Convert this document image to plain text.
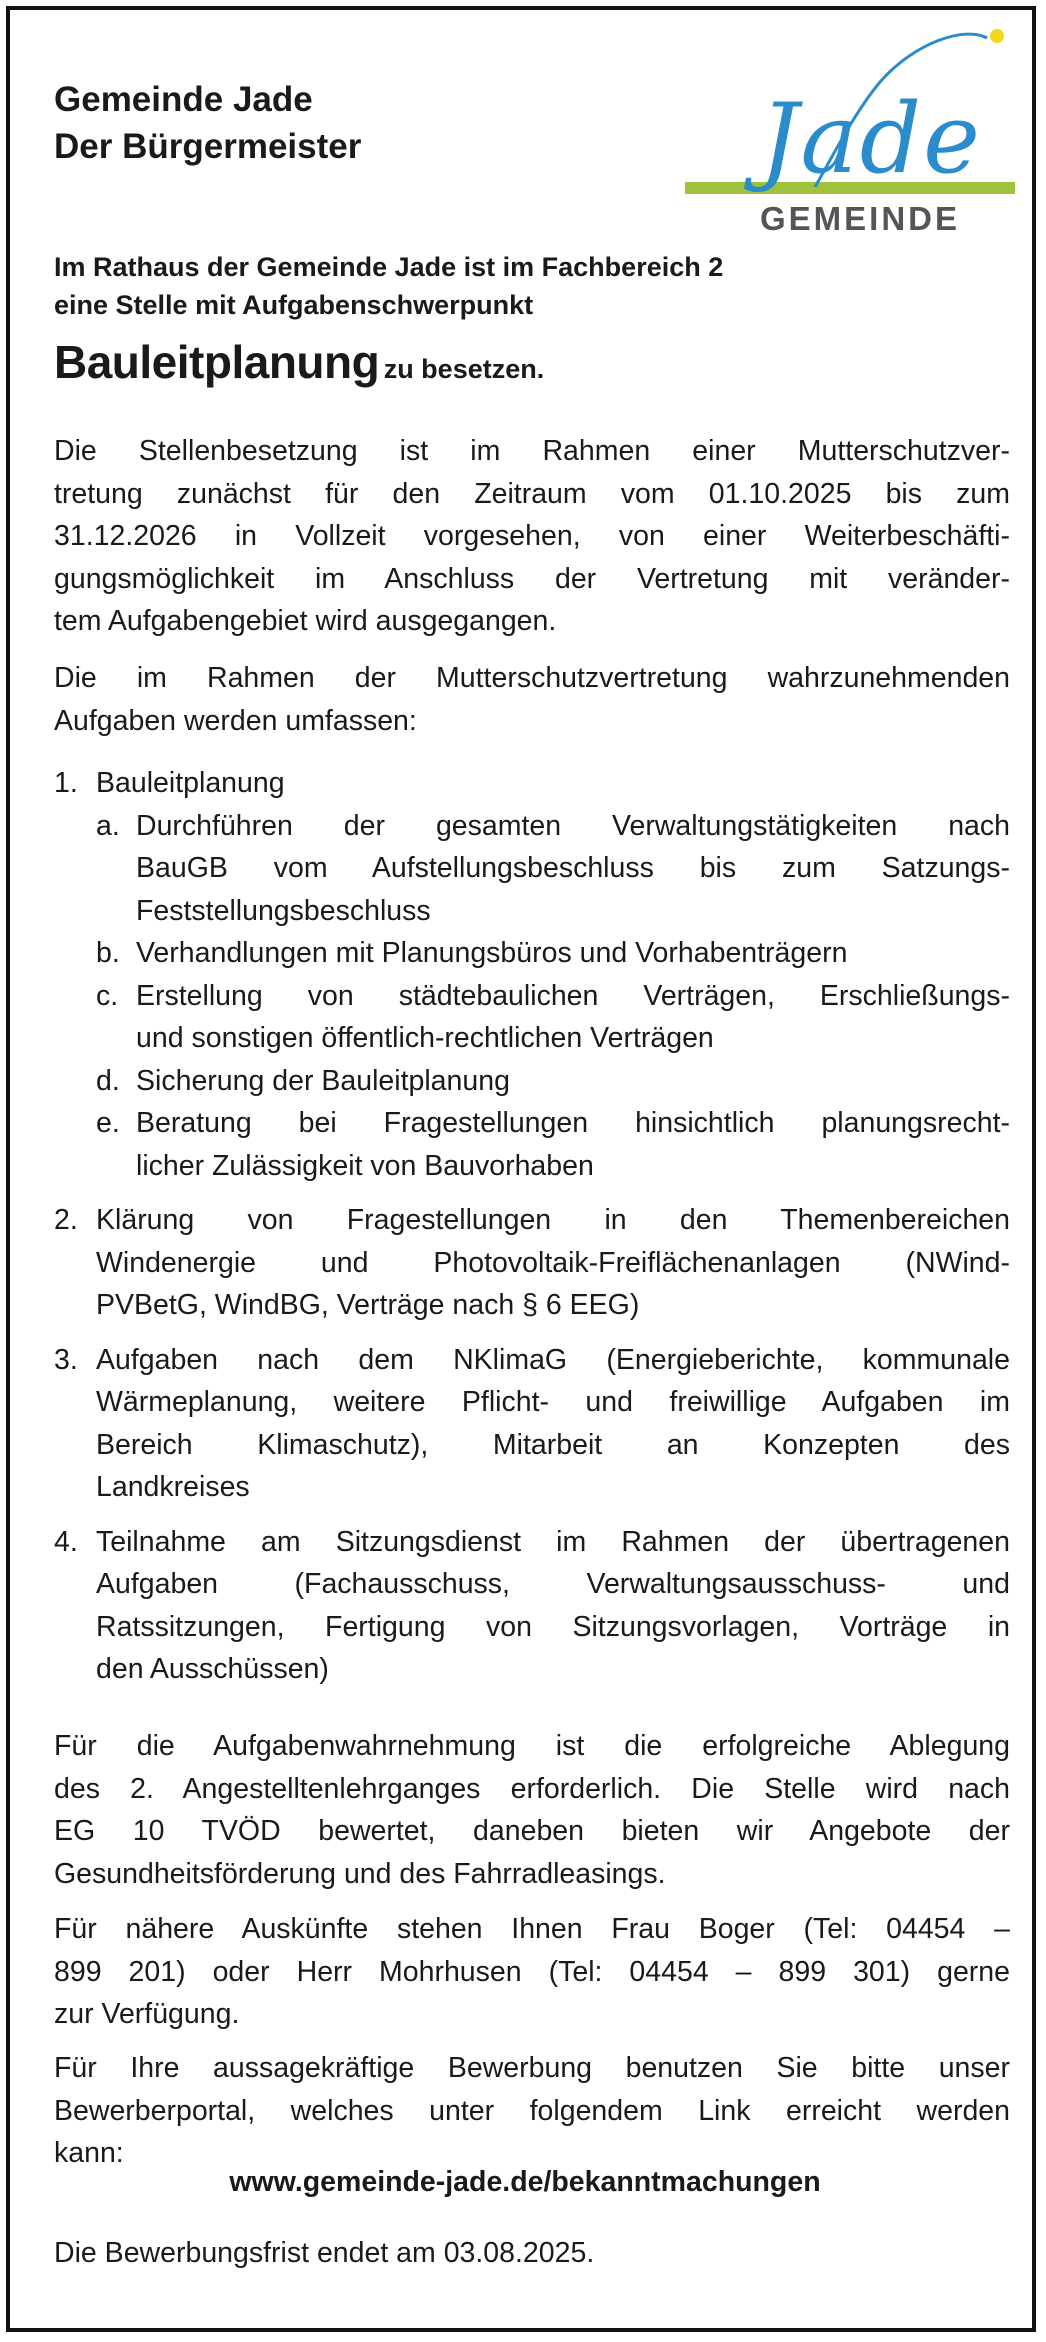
Gemeinde Jade
Der Bürgermeister	Jade
GEMEINDE
Im Rathaus der Gemeinde Jade ist im Fachbereich 2
eine Stelle mit Aufgabenschwerpunkt
Bauleitplanung zu besetzen.
Die Stellenbesetzung ist im Rahmen einer Mutterschutzver-
tretung zunächst für den Zeitraum vom 01.10.2025 bis zum
31.12.2026 in Vollzeit vorgesehen, von einer Weiterbeschäfti-
gungsmöglichkeit im Anschluss der Vertretung mit veränder-
tem Aufgabengebiet wird ausgegangen.
Die im Rahmen der Mutterschutzvertretung wahrzunehmenden
Aufgaben werden umfassen:
1. Bauleitplanung
a. Durchführen der gesamten Verwaltungstätigkeiten nach
BauGB vom Aufstellungsbeschluss bis zum Satzungs-
Feststellungsbeschluss
b. Verhandlungen mit Planungsbüros und Vorhabenträgern
c. Erstellung von städtebaulichen Verträgen, Erschließungs-
und sonstigen öffentlich-rechtlichen Verträgen
d. Sicherung der Bauleitplanung
e. Beratung bei Fragestellungen hinsichtlich planungsrecht-
licher Zulässigkeit von Bauvorhaben
2. Klärung von Fragestellungen in den Themenbereichen
Windenergie und Photovoltaik-Freiflächenanlagen (NWind-
PVBetG, WindBG, Verträge nach § 6 EEG)
3. Aufgaben nach dem NKlimaG (Energieberichte, kommunale
Wärmeplanung, weitere Pflicht- und freiwillige Aufgaben im
Bereich Klimaschutz), Mitarbeit an Konzepten des
Landkreises
4. Teilnahme am Sitzungsdienst im Rahmen der übertragenen
Aufgaben (Fachausschuss, Verwaltungsausschuss- und
Ratssitzungen, Fertigung von Sitzungsvorlagen, Vorträge in
den Ausschüssen)
Für die Aufgabenwahrnehmung ist die erfolgreiche Ablegung
des 2. Angestelltenlehrganges erforderlich. Die Stelle wird nach
EG 10 TVÖD bewertet, daneben bieten wir Angebote der
Gesundheitsförderung und des Fahrradleasings.
Für nähere Auskünfte stehen Ihnen Frau Boger (Tel: 04454 –
899 201) oder Herr Mohrhusen (Tel: 04454 – 899 301) gerne
zur Verfügung.
Für Ihre aussagekräftige Bewerbung benutzen Sie bitte unser
Bewerberportal, welches unter folgendem Link erreicht werden
kann:
www.gemeinde-jade.de/bekanntmachungen
Die Bewerbungsfrist endet am 03.08.2025.
